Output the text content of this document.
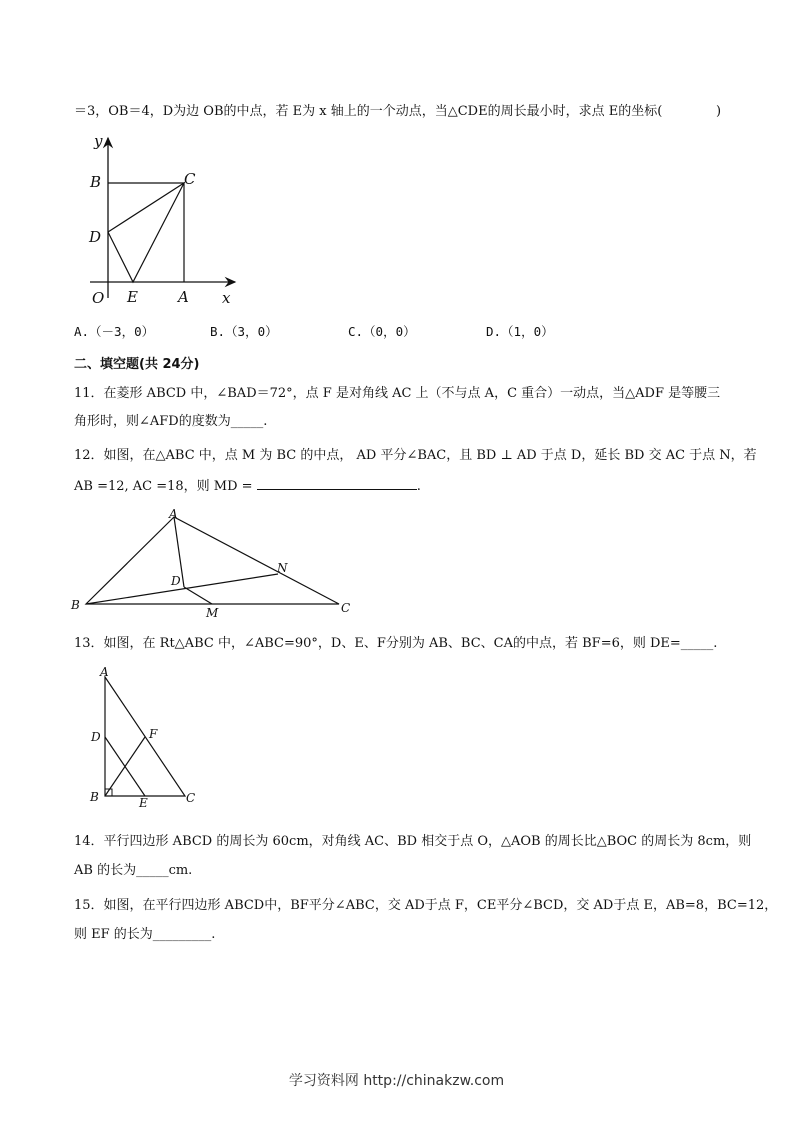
＝3，OB＝4，D为边 OB的中点，若 E为 x 轴上的一个动点，当△CDE的周长最小时，求点 E的坐标(	)
y
B	C
D
O E	A x
A.（－3，0）	B.（3，0）	C.（0，0）	D.（1，0）
二、填空题(共 24分)
11．在菱形 ABCD 中，∠BAD＝72°，点 F 是对角线 AC 上（不与点 A，C 重合）一动点，当△ADF 是等腰三
角形时，则∠AFD的度数为_____.
12．如图，在△ABC 中，点 M 为 BC 的中点， AD 平分∠BAC，且 BD ⊥ AD 于点 D，延长 BD 交 AC 于点 N，若
AB =12, AC =18，则 MD =	.
A
B	C
D
M
N
13．如图，在 Rt△ABC 中，∠ABC=90°，D、E、F分别为 AB、BC、CA的中点，若 BF=6，则 DE=_____.
A
B	C
D
E
F
14．平行四边形 ABCD 的周长为 60cm，对角线 AC、BD 相交于点 O，△AOB 的周长比△BOC 的周长为 8cm，则
AB 的长为_____cm.
15．如图，在平行四边形 ABCD中，BF平分∠ABC，交 AD于点 F，CE平分∠BCD，交 AD于点 E，AB=8，BC=12，
则 EF 的长为_________.
学习资料网 http://chinakzw.com
